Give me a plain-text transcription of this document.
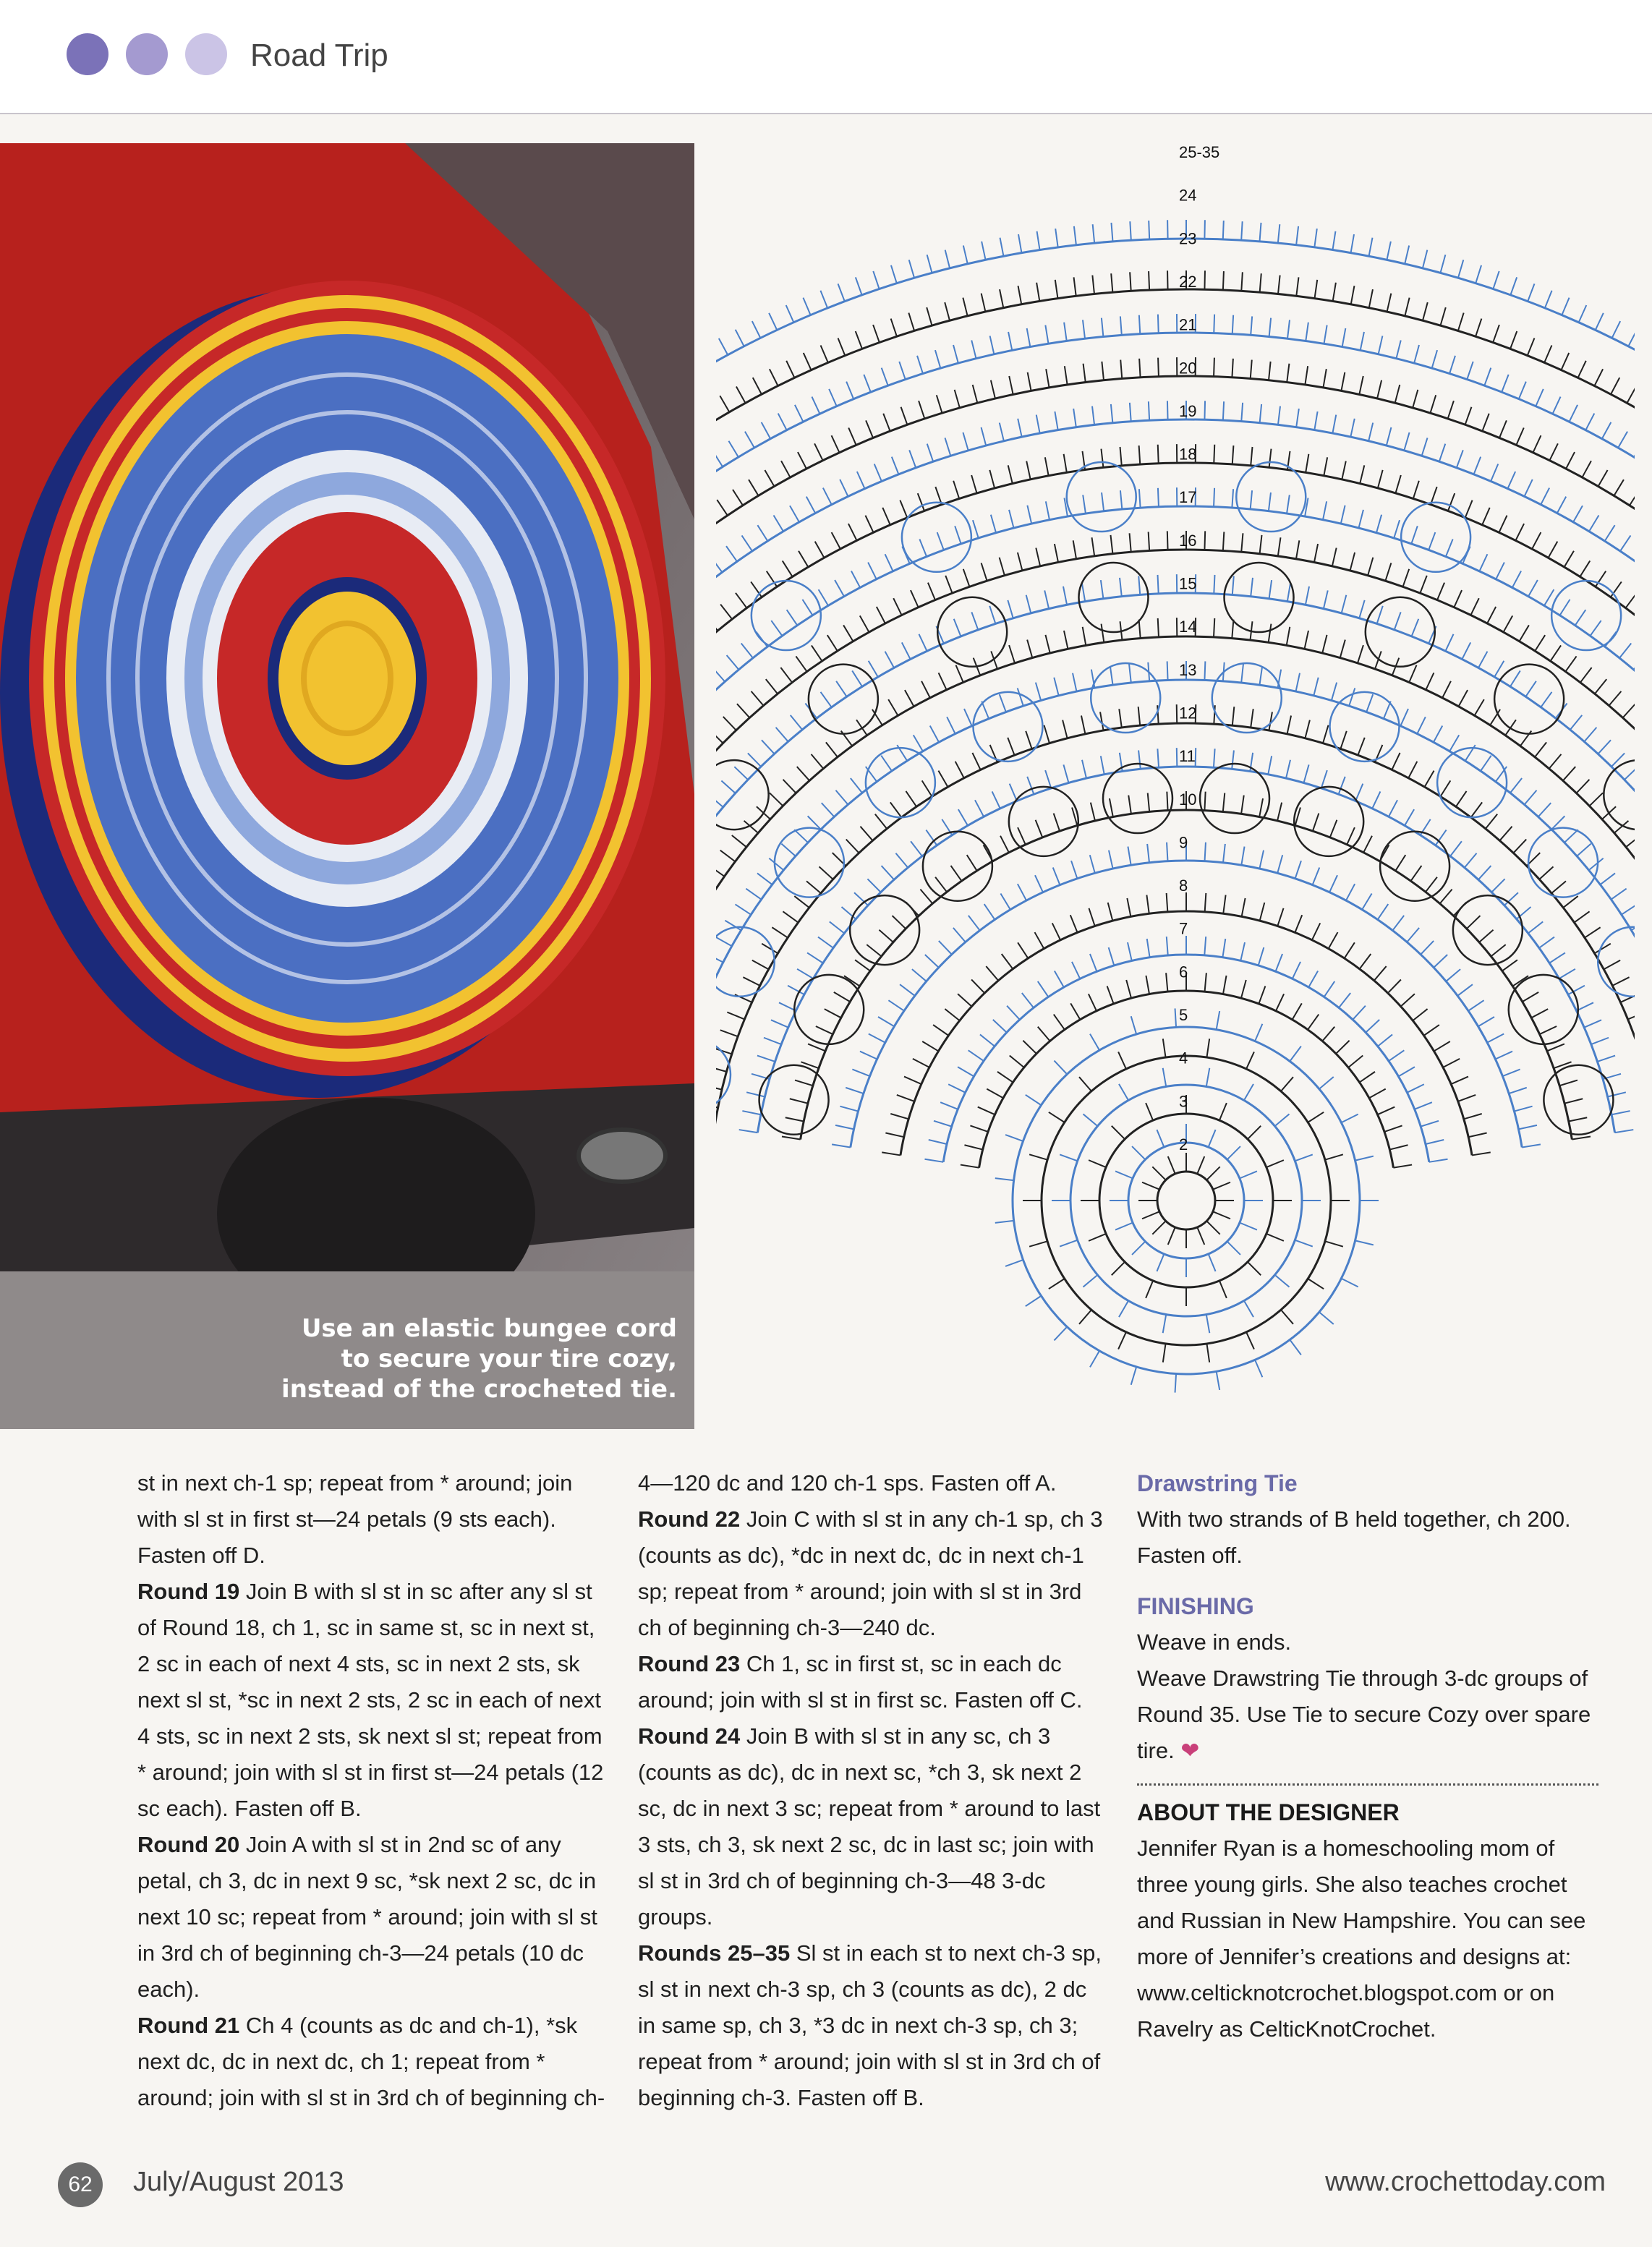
Road Trip
Use an elastic bungee cord
to secure your tire cozy,
instead of the crocheted tie.
25-35
24
23
22
21
20
19
18
17
16
15
14
13
12
11
10
9
8
7
6
5
4
3
2

st in next ch-1 sp; repeat from * around; join with sl st in first st—24 petals (9 sts each). Fasten off D.

Round 19 Join B with sl st in sc after any sl st of Round 18, ch 1, sc in same st, sc in next st, 2 sc in each of next 4 sts, sc in next 2 sts, sk next sl st, *sc in next 2 sts, 2 sc in each of next 4 sts, sc in next 2 sts, sk next sl st; repeat from * around; join with sl st in first st—24 petals (12 sc each). Fasten off B.

Round 20 Join A with sl st in 2nd sc of any petal, ch 3, dc in next 9 sc, *sk next 2 sc, dc in next 10 sc; repeat from * around; join with sl st in 3rd ch of beginning ch-3—24 petals (10 dc each).

Round 21 Ch 4 (counts as dc and ch-1), *sk next dc, dc in next dc, ch 1; repeat from * around; join with sl st in 3rd ch of beginning ch-

4—120 dc and 120 ch-1 sps. Fasten off A.

Round 22 Join C with sl st in any ch-1 sp, ch 3 (counts as dc), *dc in next dc, dc in next ch-1 sp; repeat from * around; join with sl st in 3rd ch of beginning ch-3—240 dc.

Round 23 Ch 1, sc in first st, sc in each dc around; join with sl st in first sc. Fasten off C.

Round 24 Join B with sl st in any sc, ch 3 (counts as dc), dc in next sc, *ch 3, sk next 2 sc, dc in next 3 sc; repeat from * around to last 3 sts, ch 3, sk next 2 sc, dc in last sc; join with sl st in 3rd ch of beginning ch-3—48 3-dc groups.

Rounds 25–35 Sl st in each st to next ch-3 sp, sl st in next ch-3 sp, ch 3 (counts as dc), 2 dc in same sp, ch 3, *3 dc in next ch-3 sp, ch 3; repeat from * around; join with sl st in 3rd ch of beginning ch-3. Fasten off B.

Drawstring Tie

With two strands of B held together, ch 200. Fasten off.

FINISHING

Weave in ends.

Weave Drawstring Tie through 3-dc groups of Round 35. Use Tie to secure Cozy over spare tire. ❤

ABOUT THE DESIGNER

Jennifer Ryan is a homeschooling mom of three young girls. She also teaches crochet and Russian in New Hampshire. You can see more of Jennifer’s creations and designs at: www.celticknotcrochet.blogspot.com or on Ravelry as CelticKnotCrochet.

62	July/August 2013	www.crochettoday.com
